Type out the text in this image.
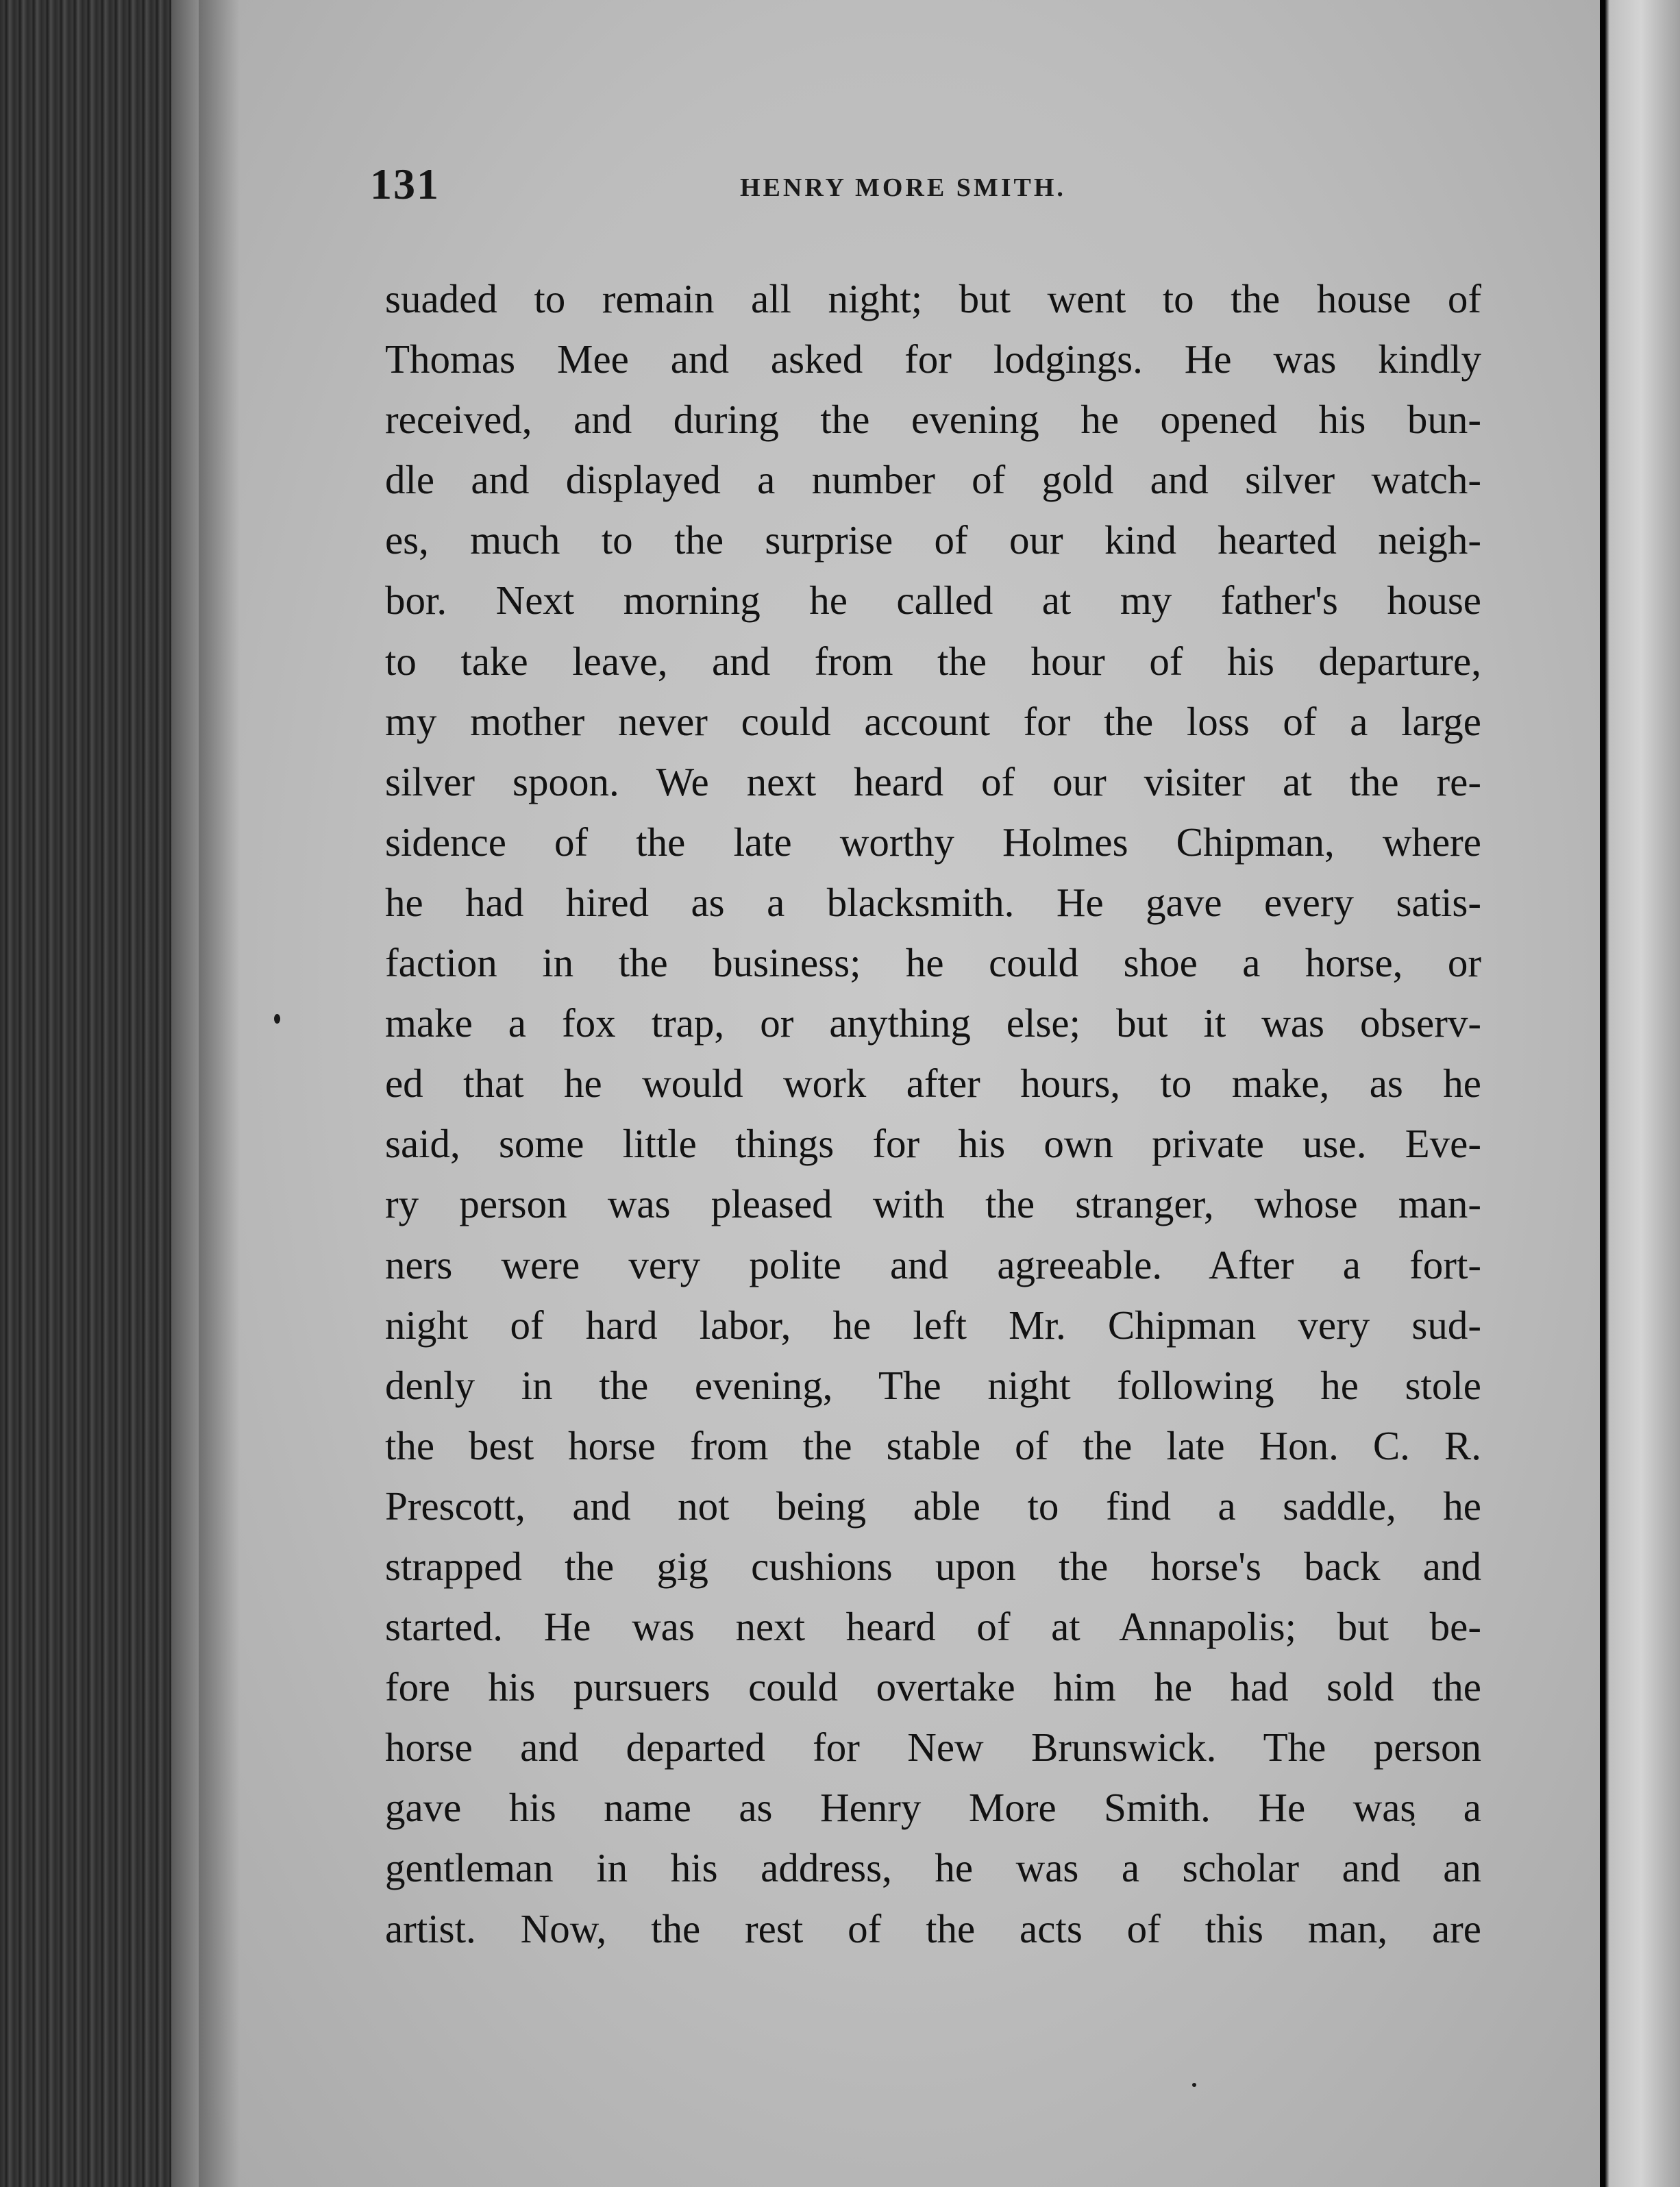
131	HENRY MORE SMITH.
suaded to remain all night; but went to the house of
Thomas Mee and asked for lodgings. He was kindly
received, and during the evening he opened his bun-
dle and displayed a number of gold and silver watch-
es, much to the surprise of our kind hearted neigh-
bor. Next morning he called at my father's house
to take leave, and from the hour of his departure,
my mother never could account for the loss of a large
silver spoon. We next heard of our visiter at the re-
sidence of the late worthy Holmes Chipman, where
he had hired as a blacksmith. He gave every satis-
faction in the business; he could shoe a horse, or
make a fox trap, or anything else; but it was observ-
ed that he would work after hours, to make, as he
said, some little things for his own private use. Eve-
ry person was pleased with the stranger, whose man-
ners were very polite and agreeable. After a fort-
night of hard labor, he left Mr. Chipman very sud-
denly in the evening, The night following he stole
the best horse from the stable of the late Hon. C. R.
Prescott, and not being able to find a saddle, he
strapped the gig cushions upon the horse's back and
started. He was next heard of at Annapolis; but be-
fore his pursuers could overtake him he had sold the
horse and departed for New Brunswick. The person
gave his name as Henry More Smith. He was a
gentleman in his address, he was a scholar and an
artist. Now, the rest of the acts of this man, are
